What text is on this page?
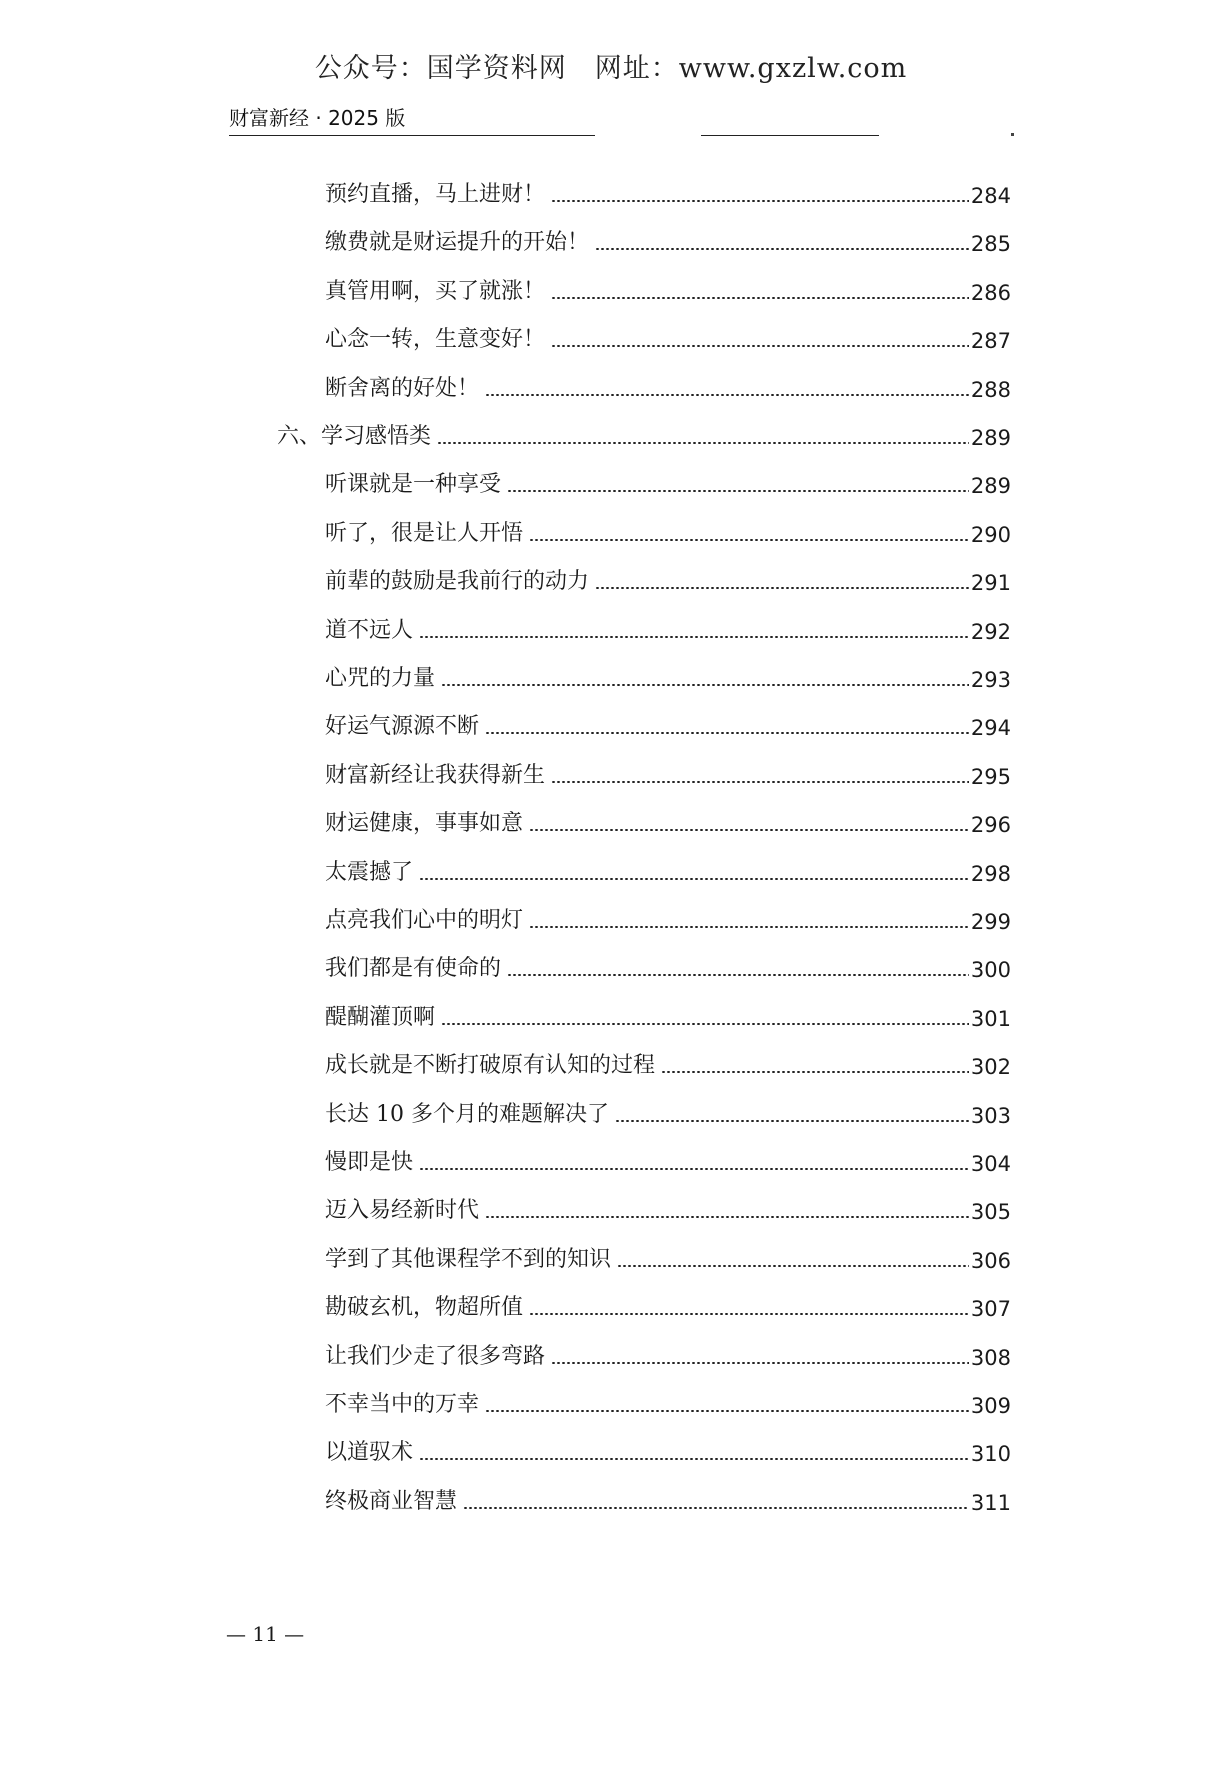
公众号：国学资料网　网址：www.gxzlw.com
财富新经 · 2025 版
预约直播，马上进财！	284
缴费就是财运提升的开始！	285
真管用啊，买了就涨！	286
心念一转，生意变好！	287
断舍离的好处！	288
六、学习感悟类	289
听课就是一种享受	289
听了，很是让人开悟	290
前辈的鼓励是我前行的动力	291
道不远人	292
心咒的力量	293
好运气源源不断	294
财富新经让我获得新生	295
财运健康，事事如意	296
太震撼了	298
点亮我们心中的明灯	299
我们都是有使命的	300
醍醐灌顶啊	301
成长就是不断打破原有认知的过程	302
长达 10 多个月的难题解决了	303
慢即是快	304
迈入易经新时代	305
学到了其他课程学不到的知识	306
勘破玄机，物超所值	307
让我们少走了很多弯路	308
不幸当中的万幸	309
以道驭术	310
终极商业智慧	311
— 11 —
